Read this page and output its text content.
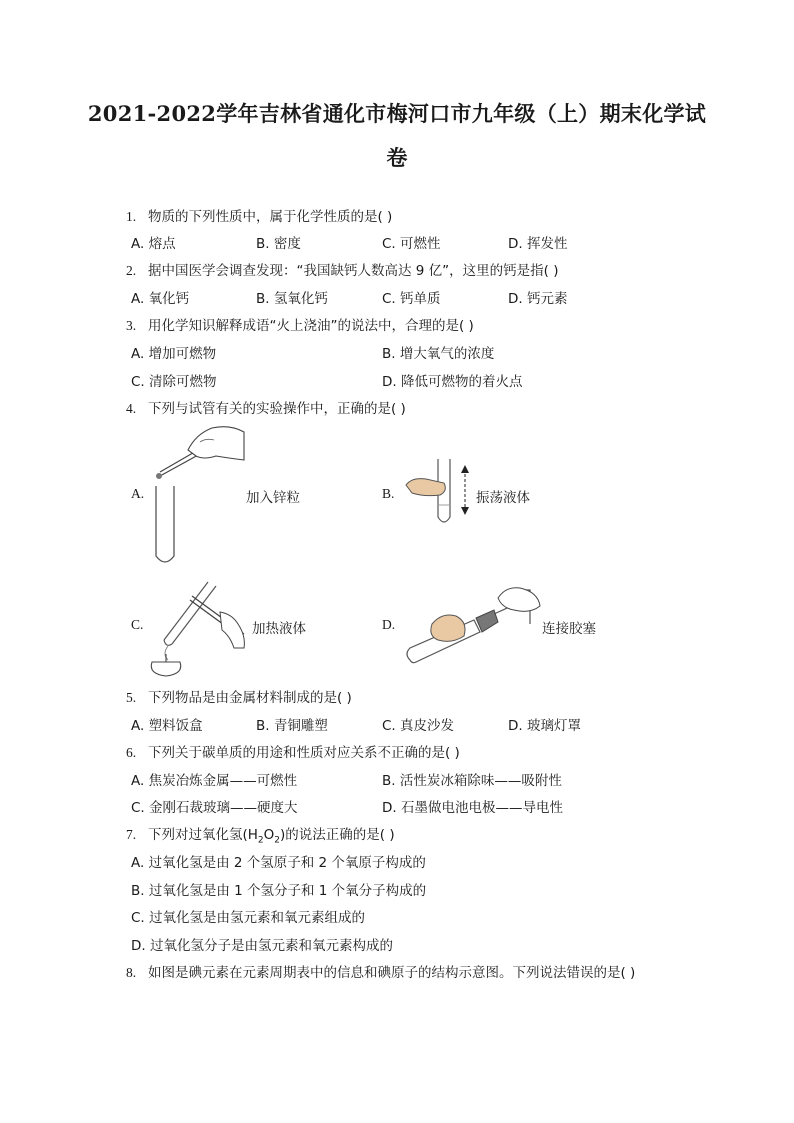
2021-2022学年吉林省通化市梅河口市九年级（上）期末化学试
卷
1. 物质的下列性质中，属于化学性质的是( )
A. 熔点	B. 密度	C. 可燃性	D. 挥发性
2. 据中国医学会调查发现：“我国缺钙人数高达 9 亿”，这里的钙是指( )
A. 氧化钙	B. 氢氧化钙	C. 钙单质	D. 钙元素
3. 用化学知识解释成语“火上浇油”的说法中，合理的是( )
A. 增加可燃物	B. 增大氧气的浓度
C. 清除可燃物	D. 降低可燃物的着火点
4. 下列与试管有关的实验操作中，正确的是( )
A.	加入锌粒	B.	振荡液体
C.	加热液体	D.	连接胶塞
5. 下列物品是由金属材料制成的是( )
A. 塑料饭盒	B. 青铜雕塑	C. 真皮沙发	D. 玻璃灯罩
6. 下列关于碳单质的用途和性质对应关系不正确的是( )
A. 焦炭冶炼金属——可燃性	B. 活性炭冰箱除味——吸附性
C. 金刚石裁玻璃——硬度大	D. 石墨做电池电极——导电性
7. 下列对过氧化氢$(H_2O_2)$的说法正确的是( )
A. 过氧化氢是由 2 个氢原子和 2 个氧原子构成的
B. 过氧化氢是由 1 个氢分子和 1 个氧分子构成的
C. 过氧化氢是由氢元素和氧元素组成的
D. 过氧化氢分子是由氢元素和氧元素构成的
8. 如图是碘元素在元素周期表中的信息和碘原子的结构示意图。下列说法错误的是( )
